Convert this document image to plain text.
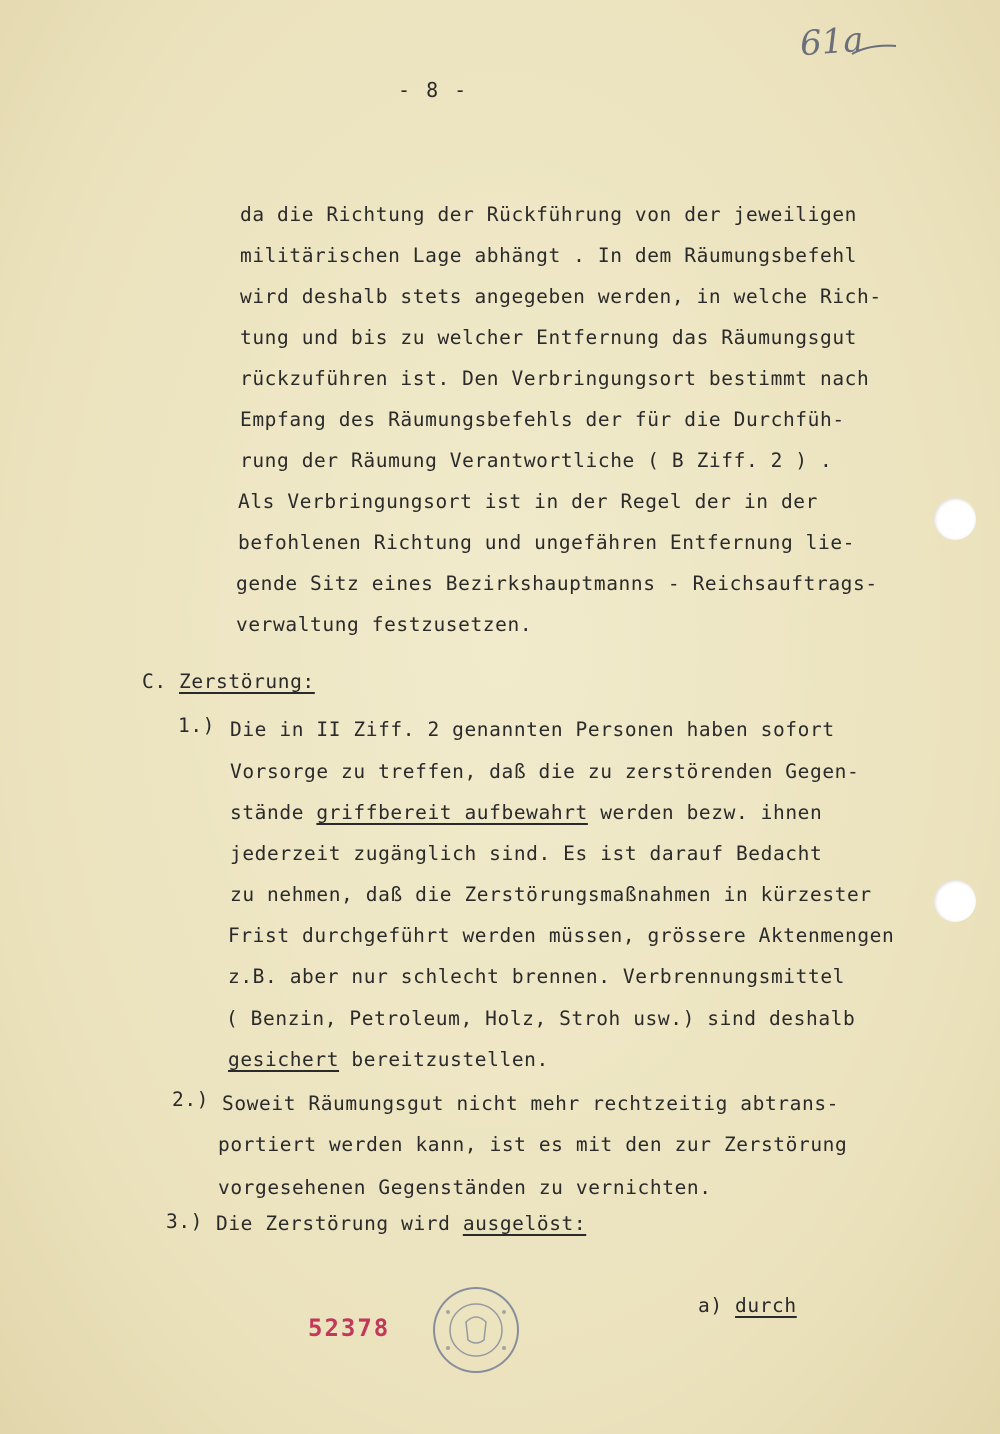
61a
- 8 -
da die Richtung der Rückführung von der jeweiligen
militärischen Lage abhängt . In dem Räumungsbefehl
wird deshalb stets angegeben werden, in welche Rich-
tung und bis zu welcher Entfernung das Räumungsgut
rückzuführen ist. Den Verbringungsort bestimmt nach
Empfang des Räumungsbefehls der für die Durchfüh-
rung der Räumung Verantwortliche ( B Ziff. 2 ) .
Als Verbringungsort ist in der Regel der in der
befohlenen Richtung und ungefähren Entfernung lie-
gende Sitz eines Bezirkshauptmanns - Reichsauftrags-
verwaltung festzusetzen.
C. Zerstörung:
1.) Die in II Ziff. 2 genannten Personen haben sofort
Vorsorge zu treffen, daß die zu zerstörenden Gegen-
stände griffbereit aufbewahrt werden bezw. ihnen
jederzeit zugänglich sind. Es ist darauf Bedacht
zu nehmen, daß die Zerstörungsmaßnahmen in kürzester
Frist durchgeführt werden müssen, grössere Aktenmengen
z.B. aber nur schlecht brennen. Verbrennungsmittel
( Benzin, Petroleum, Holz, Stroh usw.) sind deshalb
gesichert bereitzustellen.
2.) Soweit Räumungsgut nicht mehr rechtzeitig abtrans-
portiert werden kann, ist es mit den zur Zerstörung
vorgesehenen Gegenständen zu vernichten.
3.) Die Zerstörung wird ausgelöst:
a) durch
52378
